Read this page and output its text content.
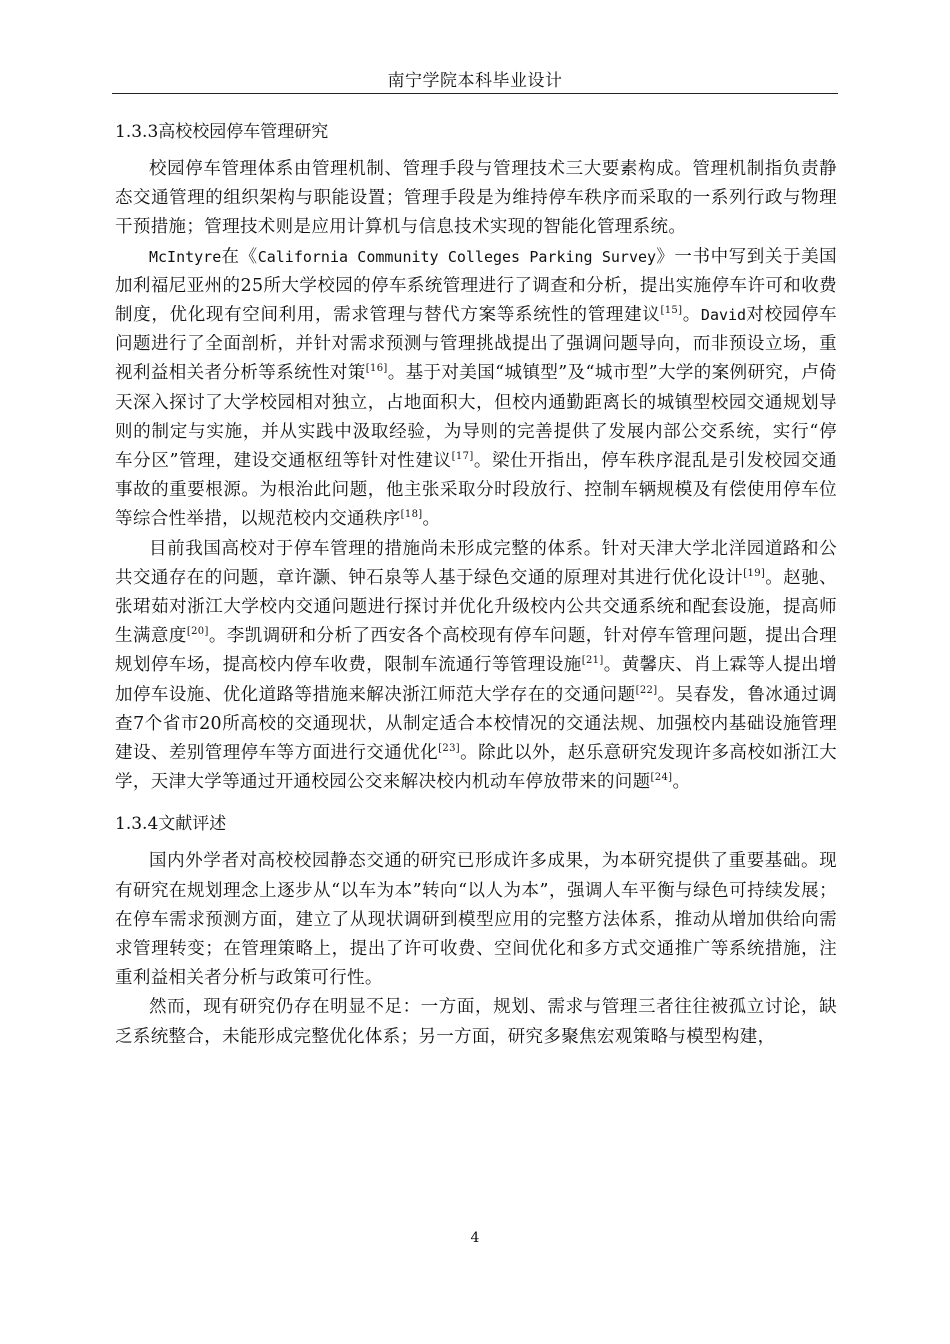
南宁学院本科毕业设计
1.3.3高校校园停车管理研究

校园停车管理体系由管理机制、管理手段与管理技术三大要素构成。管理机制指负责静态交通管理的组织架构与职能设置；管理手段是为维持停车秩序而采取的一系列行政与物理干预措施；管理技术则是应用计算机与信息技术实现的智能化管理系统。

McIntyre在《California Community Colleges Parking Survey》一书中写到关于美国加利福尼亚州的25所大学校园的停车系统管理进行了调查和分析，提出实施停车许可和收费制度，优化现有空间利用，需求管理与替代方案等系统性的管理建议[15]。David对校园停车问题进行了全面剖析，并针对需求预测与管理挑战提出了强调问题导向，而非预设立场，重视利益相关者分析等系统性对策[16]。基于对美国“城镇型”及“城市型”大学的案例研究，卢倚天深入探讨了大学校园相对独立，占地面积大，但校内通勤距离长的城镇型校园交通规划导则的制定与实施，并从实践中汲取经验，为导则的完善提供了发展内部公交系统，实行“停车分区”管理，建设交通枢纽等针对性建议[17]。梁仕开指出，停车秩序混乱是引发校园交通事故的重要根源。为根治此问题，他主张采取分时段放行、控制车辆规模及有偿使用停车位等综合性举措，以规范校内交通秩序[18]。

目前我国高校对于停车管理的措施尚未形成完整的体系。针对天津大学北洋园道路和公共交通存在的问题，章许灏、钟石泉等人基于绿色交通的原理对其进行优化设计[19]。赵驰、张珺茹对浙江大学校内交通问题进行探讨并优化升级校内公共交通系统和配套设施，提高师生满意度[20]。李凯调研和分析了西安各个高校现有停车问题，针对停车管理问题，提出合理规划停车场，提高校内停车收费，限制车流通行等管理设施[21]。黄馨庆、肖上霖等人提出增加停车设施、优化道路等措施来解决浙江师范大学存在的交通问题[22]。吴春发，鲁冰通过调查7个省市20所高校的交通现状，从制定适合本校情况的交通法规、加强校内基础设施管理建设、差别管理停车等方面进行交通优化[23]。除此以外，赵乐意研究发现许多高校如浙江大学，天津大学等通过开通校园公交来解决校内机动车停放带来的问题[24]。

1.3.4文献评述

国内外学者对高校校园静态交通的研究已形成许多成果，为本研究提供了重要基础。现有研究在规划理念上逐步从“以车为本”转向“以人为本”，强调人车平衡与绿色可持续发展；在停车需求预测方面，建立了从现状调研到模型应用的完整方法体系，推动从增加供给向需求管理转变；在管理策略上，提出了许可收费、空间优化和多方式交通推广等系统措施，注重利益相关者分析与政策可行性。

然而，现有研究仍存在明显不足：一方面，规划、需求与管理三者往往被孤立讨论，缺乏系统整合，未能形成完整优化体系；另一方面，研究多聚焦宏观策略与模型构建，

4
